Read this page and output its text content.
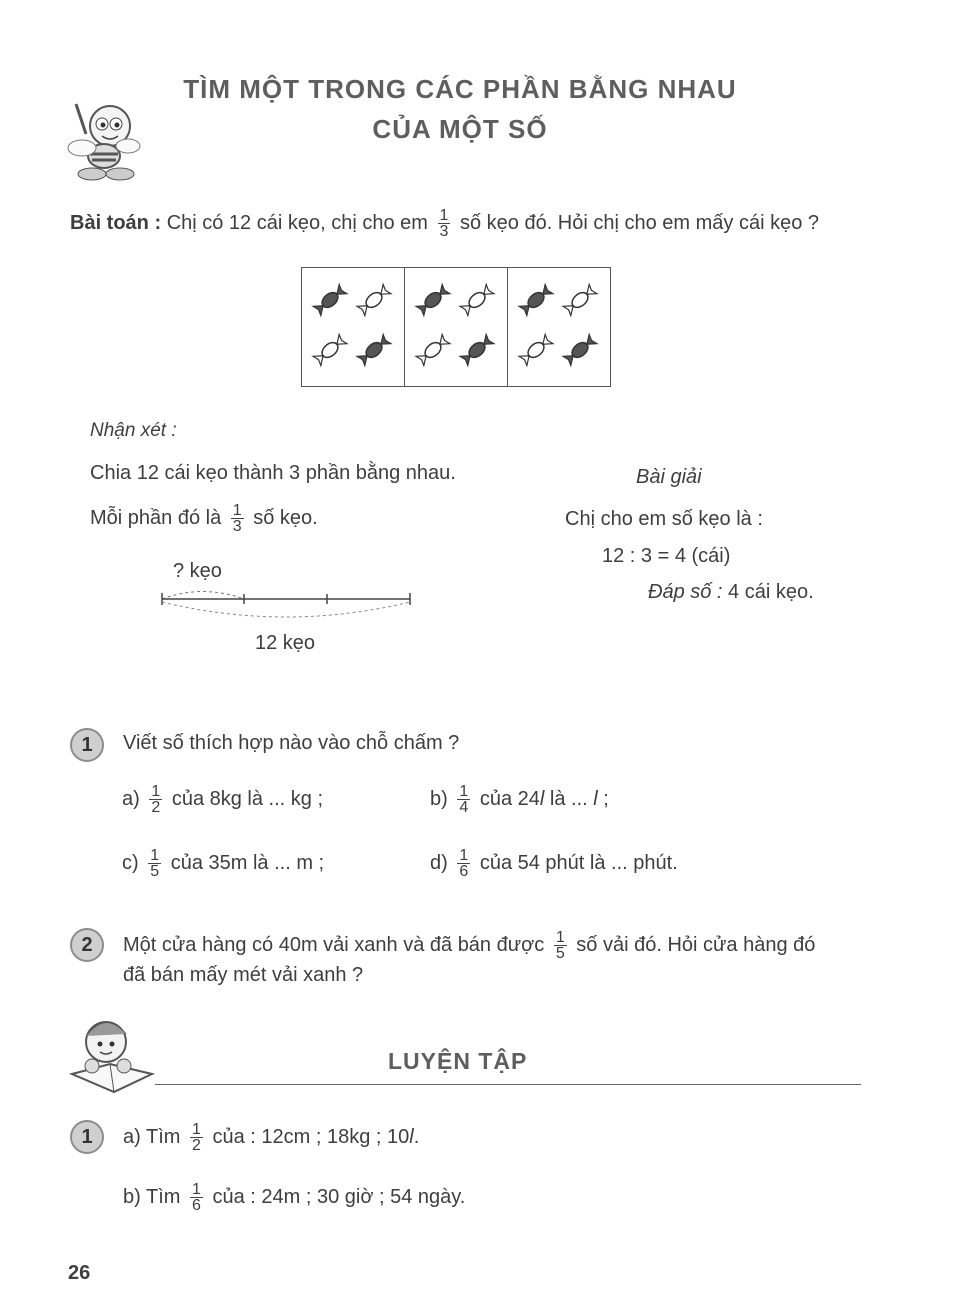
TÌM MỘT TRONG CÁC PHẦN BẰNG NHAU
CỦA MỘT SỐ
Bài toán : Chị có 12 cái kẹo, chị cho em $\frac{1}{3}$ số kẹo đó. Hỏi chị cho em mấy cái kẹo ?
Nhận xét :
Chia 12 cái kẹo thành 3 phần bằng nhau.
Mỗi phần đó là $\frac{1}{3}$ số kẹo.
? kẹo
12 kẹo
Bài giải
Chị cho em số kẹo là :
12 : 3 = 4 (cái)
Đáp số : 4 cái kẹo.
1	Viết số thích hợp nào vào chỗ chấm ?
$a) \frac{1}{2}$ của 8kg là ... kg ;	$b) \frac{1}{4}$ của 24l là ... l ;
$c) \frac{1}{5}$ của 35m là ... m ;	$d) \frac{1}{6}$ của 54 phút là ... phút.
2	Một cửa hàng có 40m vải xanh và đã bán được $\frac{1}{5}$ số vải đó. Hỏi cửa hàng đó
đã bán mấy mét vải xanh ?
LUYỆN TẬP
1	a) Tìm $\frac{1}{2}$ của : 12cm ; 18kg ; 10l.
b) Tìm $\frac{1}{6}$ của : 24m ; 30 giờ ; 54 ngày.
26
